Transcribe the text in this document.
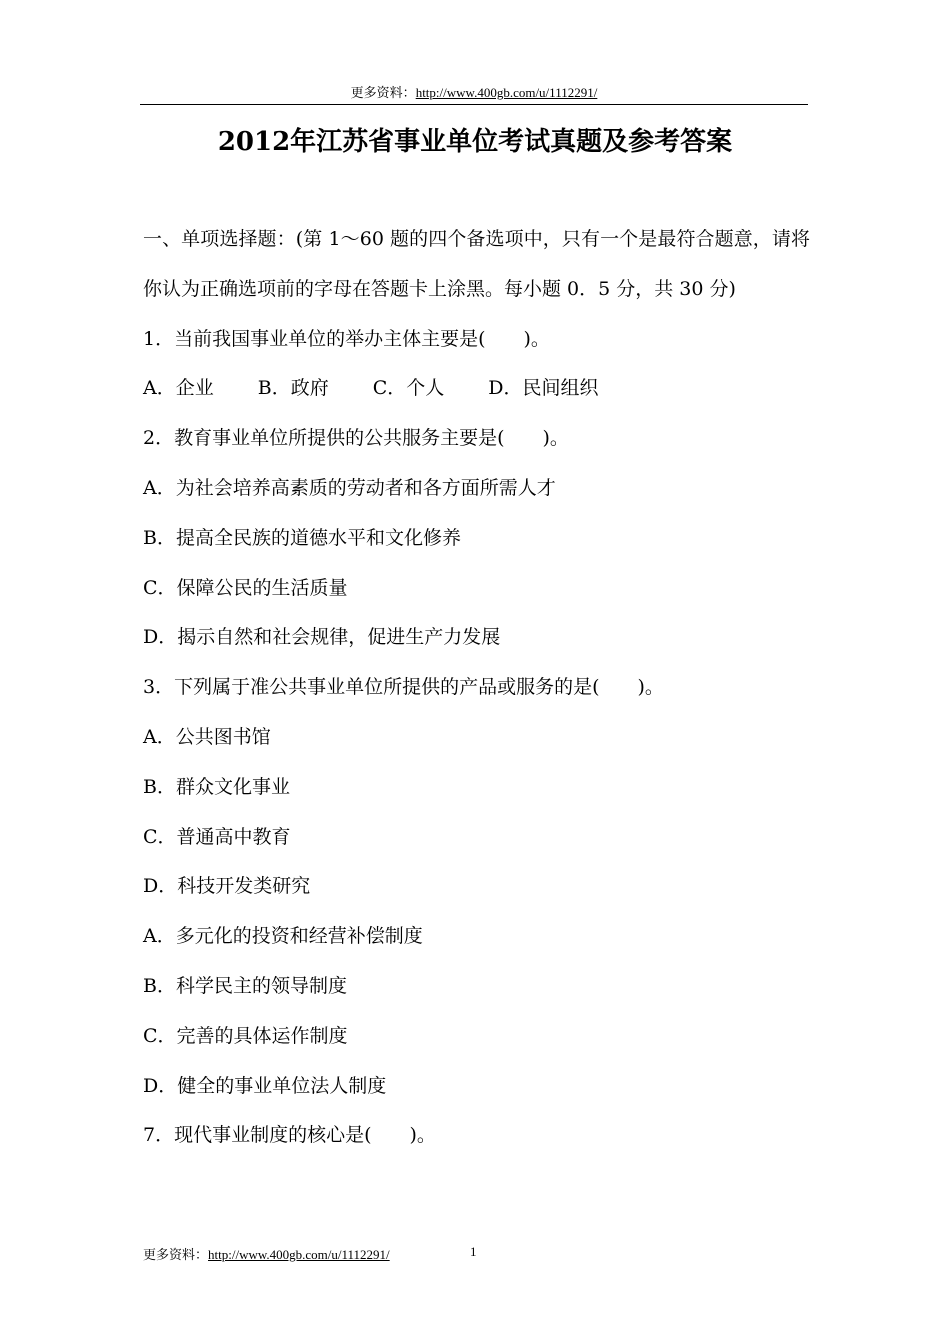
更多资料：http://www.400gb.com/u/1112291/
2012年江苏省事业单位考试真题及参考答案

一、单项选择题：(第 1～60 题的四个备选项中，只有一个是最符合题意，请将你认为正确选项前的字母在答题卡上涂黑。每小题 0．5 分，共 30 分)

1．当前我国事业单位的举办主体主要是(　　)。

A．企业 B．政府 C．个人 D．民间组织

2．教育事业单位所提供的公共服务主要是(　　)。

A．为社会培养高素质的劳动者和各方面所需人才

B．提高全民族的道德水平和文化修养

C．保障公民的生活质量

D．揭示自然和社会规律，促进生产力发展

3．下列属于准公共事业单位所提供的产品或服务的是(　　)。

A．公共图书馆

B．群众文化事业

C．普通高中教育

D．科技开发类研究

A．多元化的投资和经营补偿制度

B．科学民主的领导制度

C．完善的具体运作制度

D．健全的事业单位法人制度

7．现代事业制度的核心是(　　)。

更多资料：http://www.400gb.com/u/1112291/	1
